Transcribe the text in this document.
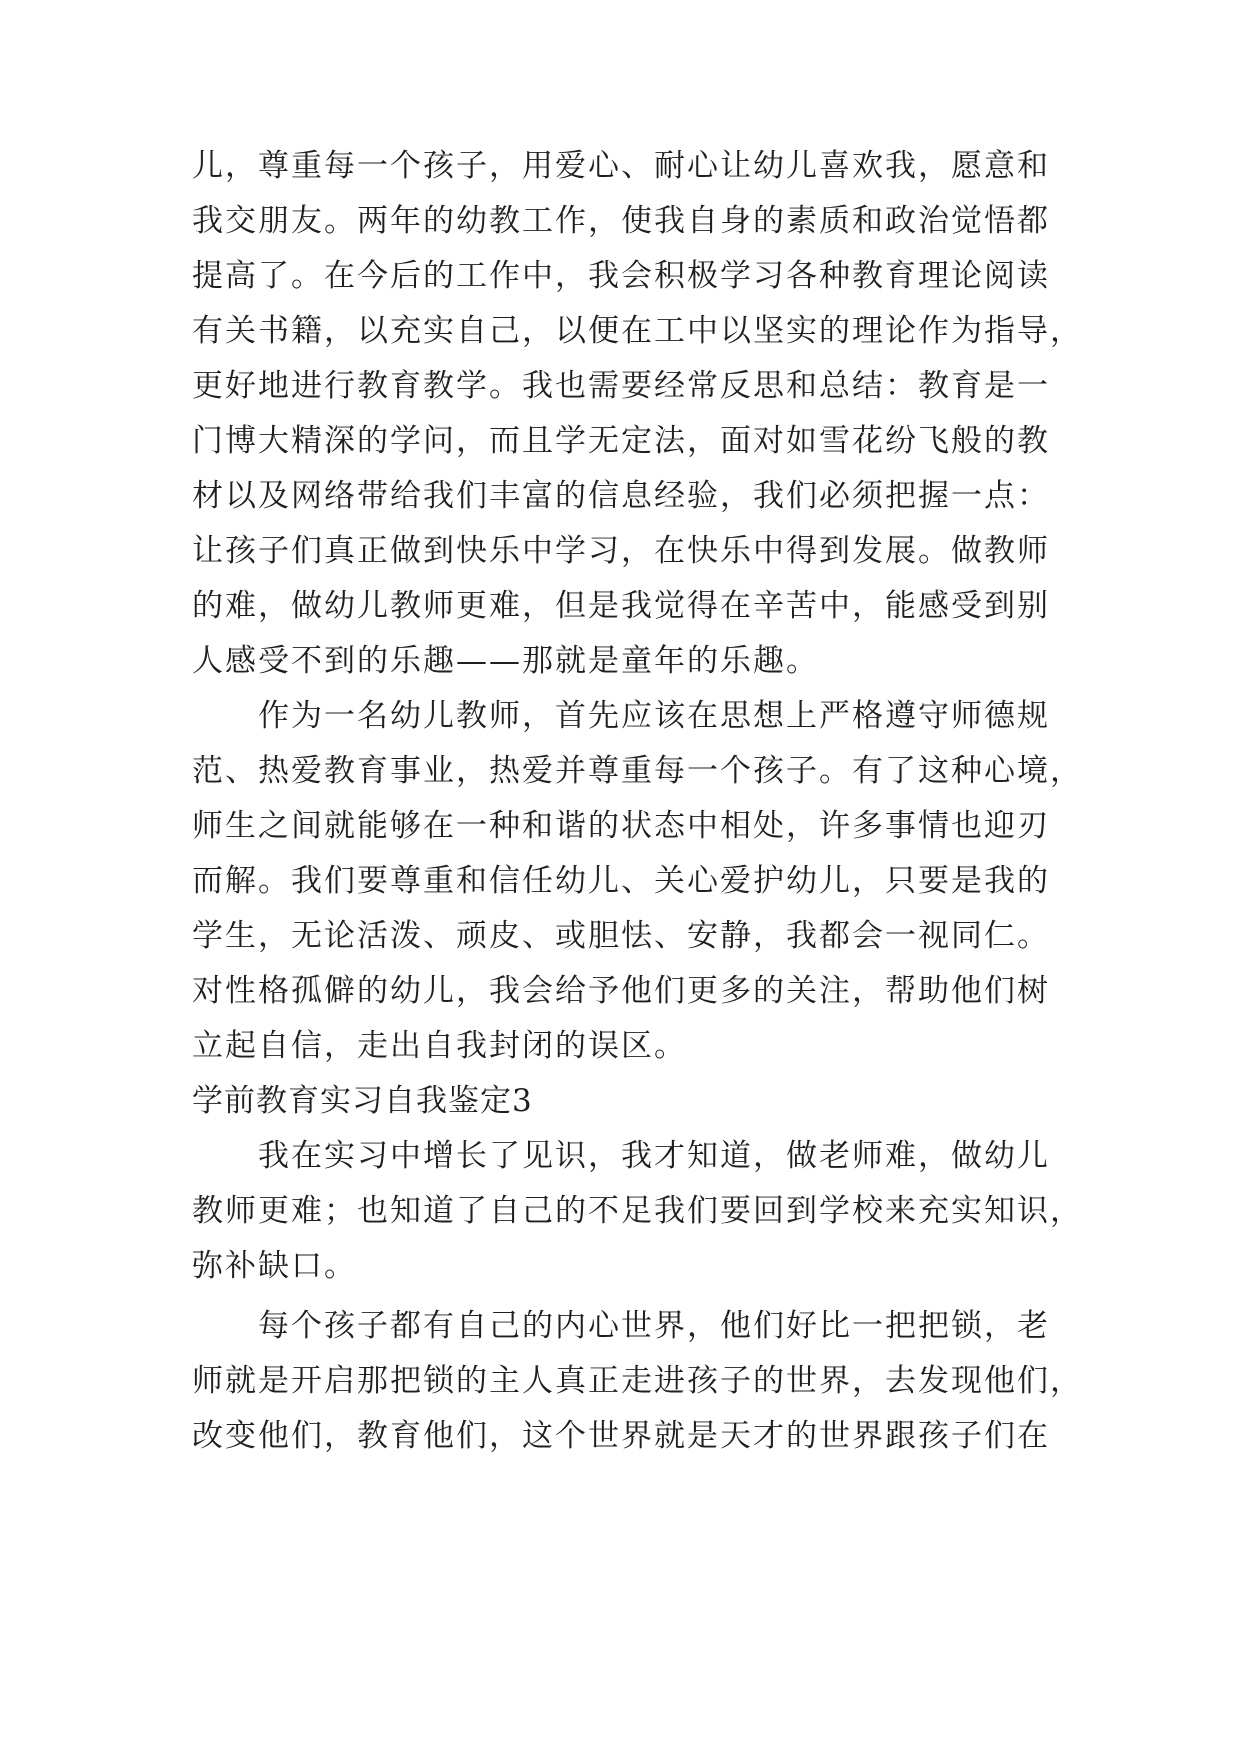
儿，尊重每一个孩子，用爱心、耐心让幼儿喜欢我，愿意和
我交朋友。两年的幼教工作，使我自身的素质和政治觉悟都
提高了。在今后的工作中，我会积极学习各种教育理论阅读
有关书籍，以充实自己，以便在工中以坚实的理论作为指导，
更好地进行教育教学。我也需要经常反思和总结：教育是一
门博大精深的学问，而且学无定法，面对如雪花纷飞般的教
材以及网络带给我们丰富的信息经验，我们必须把握一点：
让孩子们真正做到快乐中学习，在快乐中得到发展。做教师
的难，做幼儿教师更难，但是我觉得在辛苦中，能感受到别
人感受不到的乐趣——那就是童年的乐趣。
作为一名幼儿教师，首先应该在思想上严格遵守师德规
范、热爱教育事业，热爱并尊重每一个孩子。有了这种心境，
师生之间就能够在一种和谐的状态中相处，许多事情也迎刃
而解。我们要尊重和信任幼儿、关心爱护幼儿，只要是我的
学生，无论活泼、顽皮、或胆怯、安静，我都会一视同仁。
对性格孤僻的幼儿，我会给予他们更多的关注，帮助他们树
立起自信，走出自我封闭的误区。
学前教育实习自我鉴定3
我在实习中增长了见识，我才知道，做老师难，做幼儿
教师更难；也知道了自己的不足我们要回到学校来充实知识，
弥补缺口。
每个孩子都有自己的内心世界，他们好比一把把锁，老
师就是开启那把锁的主人真正走进孩子的世界，去发现他们，
改变他们，教育他们，这个世界就是天才的世界跟孩子们在
